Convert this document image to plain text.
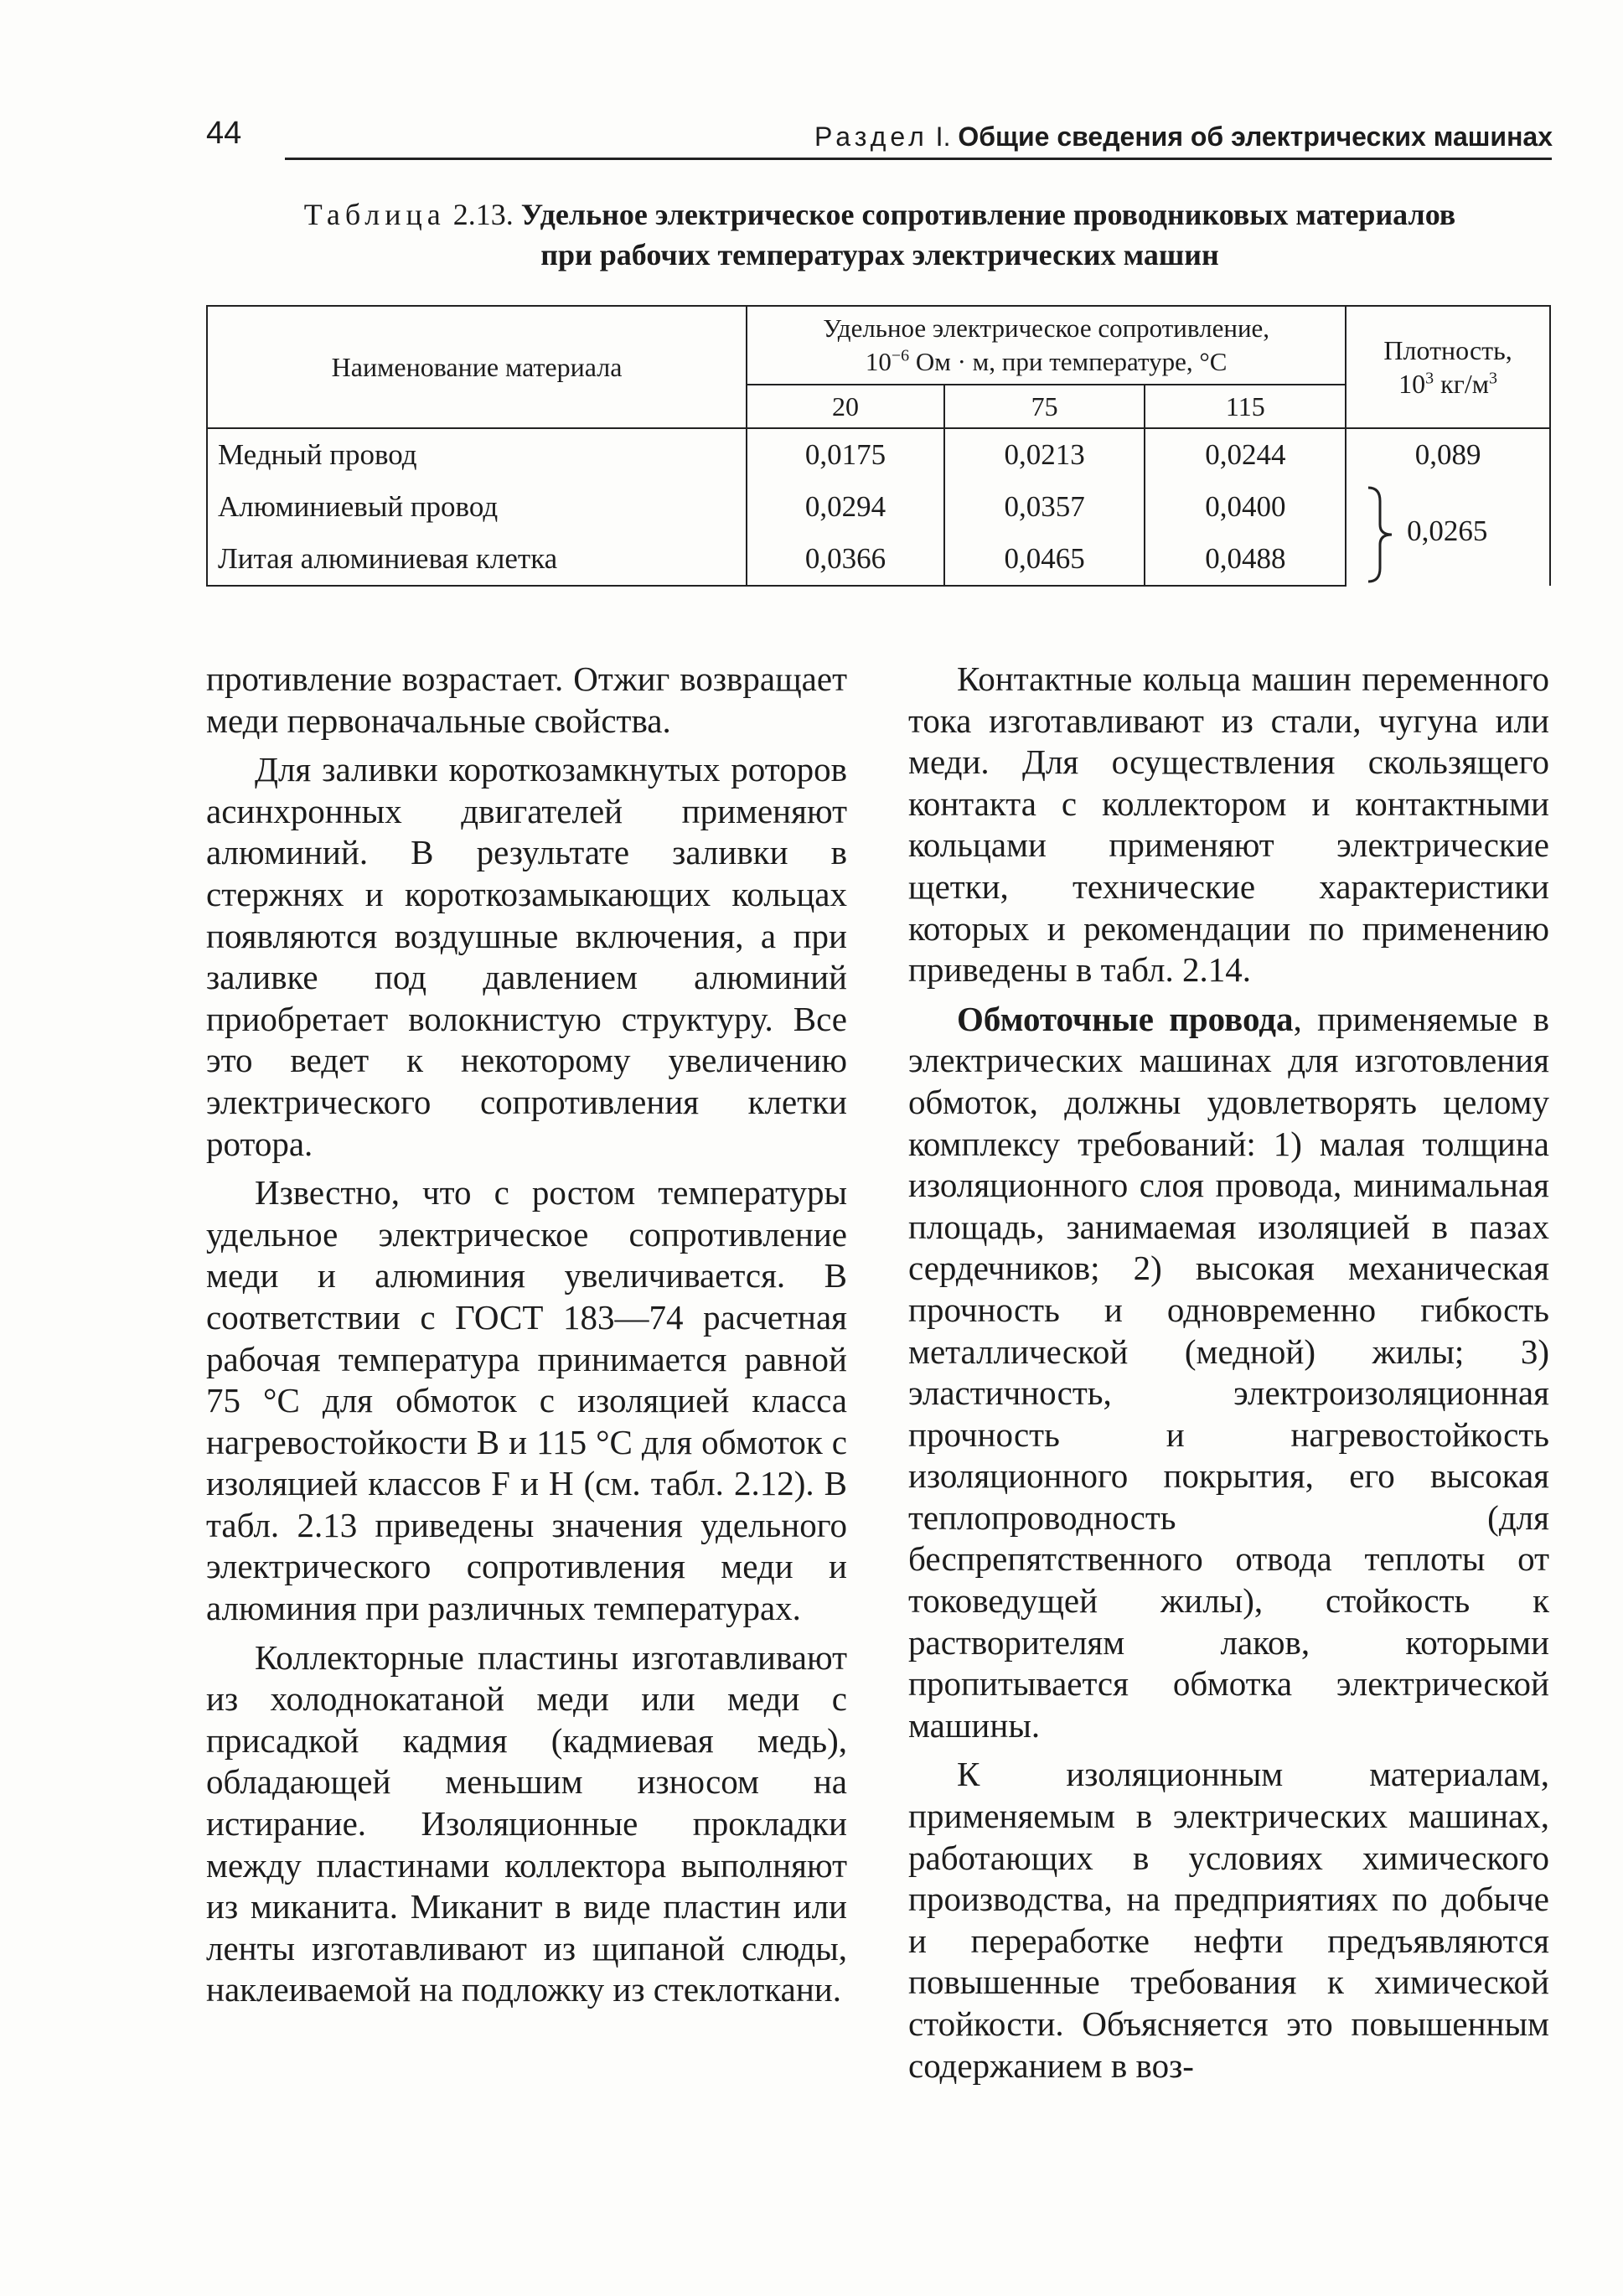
44	Раздел I. Общие сведения об электрических машинах
Таблица 2.13. Удельное электрическое сопротивление проводниковых материалов
при рабочих температурах электрических машин
Наименование материала	Удельное электрическое сопротивление,
$10^{-6}$ Ом · м, при температуре, °С			Плотность,
$10^3$ $кг/м^3$
	20	75	115	
Медный провод	0,0175	0,0213	0,0244	0,089
Алюминиевый провод	0,0294	0,0357	0,0400	0,0265

Литая алюминиевая клетка	0,0366	0,0465	0,0488	

противление возрастает. Отжиг возвращает меди первоначальные свойства.

Для заливки короткозамкнутых роторов асинхронных двигателей применяют алюминий. В результате заливки в стержнях и короткозамыкающих кольцах появляются воздушные включения, а при заливке под давлением алюминий приобретает волокнистую структуру. Все это ведет к некоторому увеличению электрического сопротивления клетки ротора.

Известно, что с ростом температуры удельное электрическое сопротивление меди и алюминия увеличивается. В соответствии с ГОСТ 183—74 расчетная рабочая температура принимается равной 75 °С для обмоток с изоляцией класса нагревостойкости В и 115 °С для обмоток с изоляцией классов F и Н (см. табл. 2.12). В табл. 2.13 приведены значения удельного электрического сопротивления меди и алюминия при различных температурах.

Коллекторные пластины изготавливают из холоднокатаной меди или меди с присадкой кадмия (кадмиевая медь), обладающей меньшим износом на истирание. Изоляционные прокладки между пластинами коллектора выполняют из миканита. Миканит в виде пластин или ленты изготавливают из щипаной слюды, наклеиваемой на подложку из стеклоткани.

Контактные кольца машин переменного тока изготавливают из стали, чугуна или меди. Для осуществления скользящего контакта с коллектором и контактными кольцами применяют электрические щетки, технические характеристики которых и рекомендации по применению приведены в табл. 2.14.

Обмоточные провода, применяемые в электрических машинах для изготовления обмоток, должны удовлетворять целому комплексу требований: 1) малая толщина изоляционного слоя провода, минимальная площадь, занимаемая изоляцией в пазах сердечников; 2) высокая механическая прочность и одновременно гибкость металлической (медной) жилы; 3) эластичность, электроизоляционная прочность и нагревостойкость изоляционного покрытия, его высокая теплопроводность (для беспрепятственного отвода теплоты от токоведущей жилы), стойкость к растворителям лаков, которыми пропитывается обмотка электрической машины.

К изоляционным материалам, применяемым в электрических машинах, работающих в условиях химического производства, на предприятиях по добыче и переработке нефти предъявляются повышенные требования к химической стойкости. Объясняется это повышенным содержанием в воз-
